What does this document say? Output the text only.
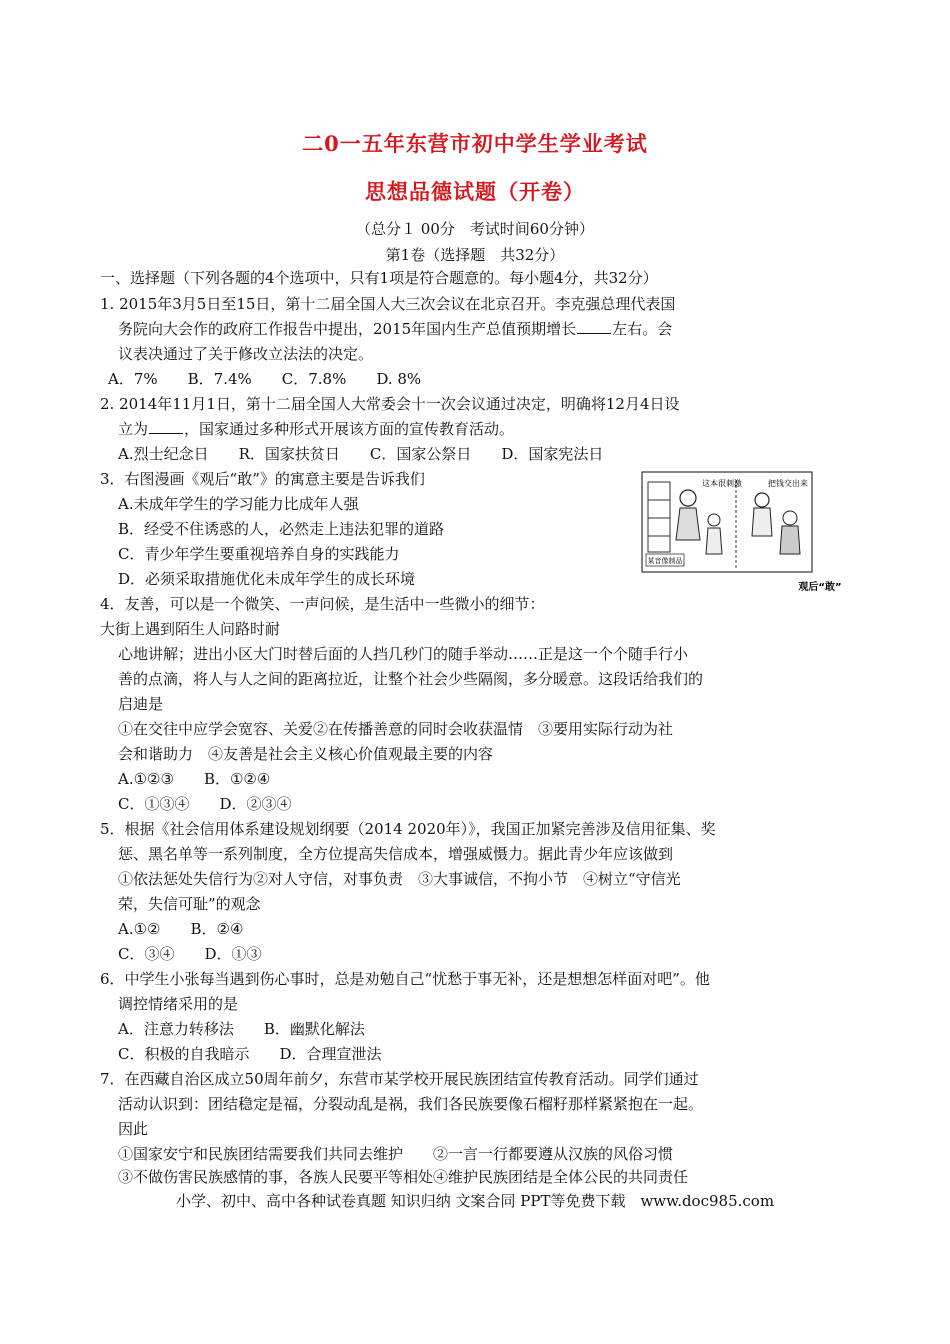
二0一五年东营市初中学生学业考试
思想品德试题（开卷）
（总分１ 00分　考试时间60分钟）
第1卷（选择题　共32分）
一、选择题（下列各题的4个选项中，只有1项是符合题意的。每小题4分，共32分）
1. 2015年3月5日至15日，第十二届全国人大三次会议在北京召开。李克强总理代表国
务院向大会作的政府工作报告中提出，2015年国内生产总值预期增长 左右。会
议表决通过了关于修改立法法的决定。
A．7%　　B．7.4%　　C．7.8%　　D. 8%
2. 2014年11月1日，第十二届全国人大常委会十一次会议通过决定，明确将12月4日设
立为 ，国家通过多种形式开展该方面的宣传教育活动。
A.烈士纪念日　　R．国家扶贫日　　C．国家公祭日　　D．国家宪法日
3．右图漫画《观后“敢”》的寓意主要是告诉我们
A.未成年学生的学习能力比成年人强
B．经受不住诱惑的人，必然走上违法犯罪的道路
C．青少年学生要重视培养自身的实践能力
D．必须采取措施优化未成年学生的成长环境
某音像制品
这本很刺激	把钱交出来
观后“敢”
4．友善，可以是一个微笑、一声问候，是生活中一些微小的细节：
大街上遇到陌生人问路时耐
心地讲解；进出小区大门时替后面的人挡几秒门的随手举动……正是这一个个随手行小
善的点滴，将人与人之间的距离拉近，让整个社会少些隔阂，多分暖意。这段话给我们的
启迪是
①在交往中应学会宽容、关爱②在传播善意的同时会收获温情　③要用实际行动为社
会和谐助力　④友善是社会主义核心价值观最主要的内容
A.①②③　　B．①②④
C．①③④　　D．②③④
5．根据《社会信用体系建设规划纲要（2014 2020年）》，我国正加紧完善涉及信用征集、奖
惩、黑名单等一系列制度，全方位提高失信成本，增强威慑力。据此青少年应该做到
①依法惩处失信行为②对人守信，对事负责　③大事诚信，不拘小节　④树立“守信光
荣，失信可耻”的观念
A.①②　　B．②④
C．③④　　D．①③
6．中学生小张每当遇到伤心事时，总是劝勉自己“忧愁于事无补，还是想想怎样面对吧”。他
调控情绪采用的是
A．注意力转移法　　B．幽默化解法
C．积极的自我暗示　　D．合理宣泄法
7．在西藏自治区成立50周年前夕，东营市某学校开展民族团结宣传教育活动。同学们通过
活动认识到：团结稳定是福，分裂动乱是祸，我们各民族要像石榴籽那样紧紧抱在一起。
因此
①国家安宁和民族团结需要我们共同去维护　　②一言一行都要遵从汉族的风俗习惯
③不做伤害民族感情的事，各族人民要平等相处④维护民族团结是全体公民的共同责任
小学、初中、高中各种试卷真题 知识归纳 文案合同 PPT等免费下载　www.doc985.com
